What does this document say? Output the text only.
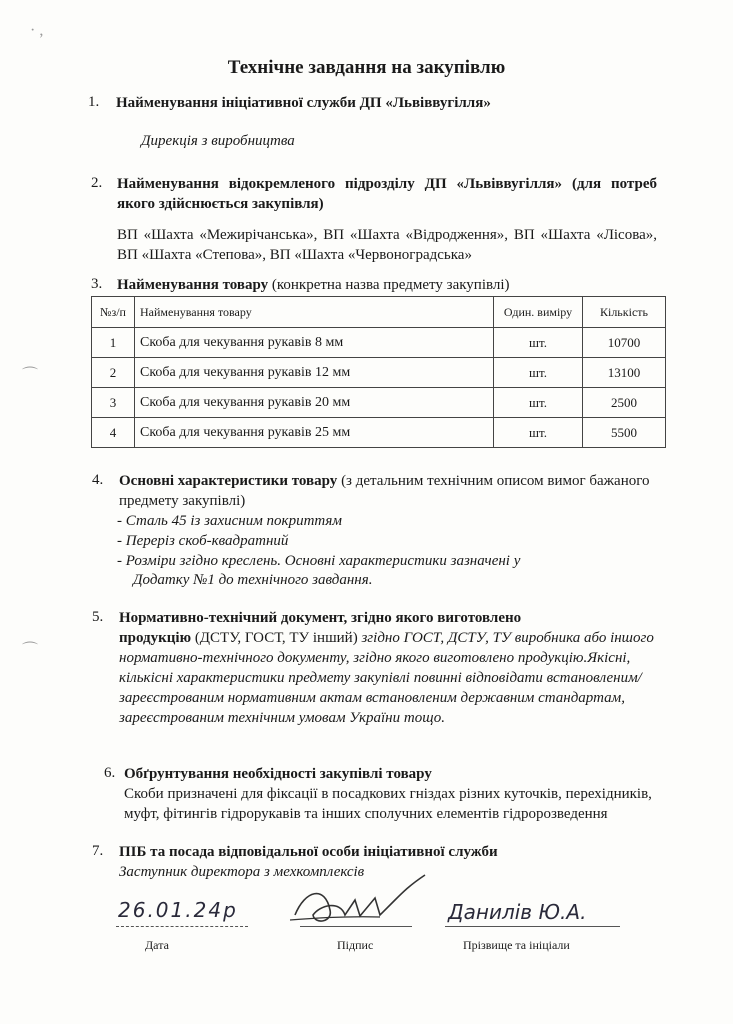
· ,
⌒
⌒
Технічне завдання на закупівлю
1. Найменування ініціативної служби ДП «Львіввугілля»
Дирекція з виробництва
2. Найменування відокремленого підрозділу ДП «Львіввугілля» (для потреб якого здійснюється закупівля)
ВП «Шахта «Межирічанська», ВП «Шахта «Відродження», ВП «Шахта «Лісова», ВП «Шахта «Степова», ВП «Шахта «Червоноградська»
3. Найменування товару (конкретна назва предмету закупівлі)
№з/п	Найменування товару	Один. виміру	Кількість
1	Скоба для чекування рукавів 8 мм	шт.	10700
2	Скоба для чекування рукавів 12 мм	шт.	13100
3	Скоба для чекування рукавів 20 мм	шт.	2500
4	Скоба для чекування рукавів 25 мм	шт.	5500
4. Основні характеристики товару (з детальним технічним описом вимог бажаного предмету закупівлі)
- Сталь 45 із захисним покриттям
- Переріз скоб-квадратний
- Розміри згідно креслень. Основні характеристики зазначені у
Додатку №1 до технічного завдання.
5. Нормативно-технічний документ, згідно якого виготовлено
продукцію (ДСТУ, ГОСТ, ТУ інший) згідно ГОСТ, ДСТУ, ТУ виробника або іншого нормативно-технічного документу, згідно якого виготовлено продукцію.Якісні, кількісні характеристики предмету закупівлі повинні відповідати встановленим/зареєстрованим нормативним актам встановленим державним стандартам, зареєстрованим технічним умовам України тощо.
6. Обґрунтування необхідності закупівлі товару
Скоби призначені для фіксації в посадкових гніздах різних куточків, перехідників, муфт, фітингів гідрорукавів та інших сполучних елементів гідророзведення
7. ПІБ та посада відповідальної особи ініціативної служби
Заступник директора з мехкомплексів
26.01.24р	Данилів Ю.А.
Дата	Підпис	Прізвище та ініціали
